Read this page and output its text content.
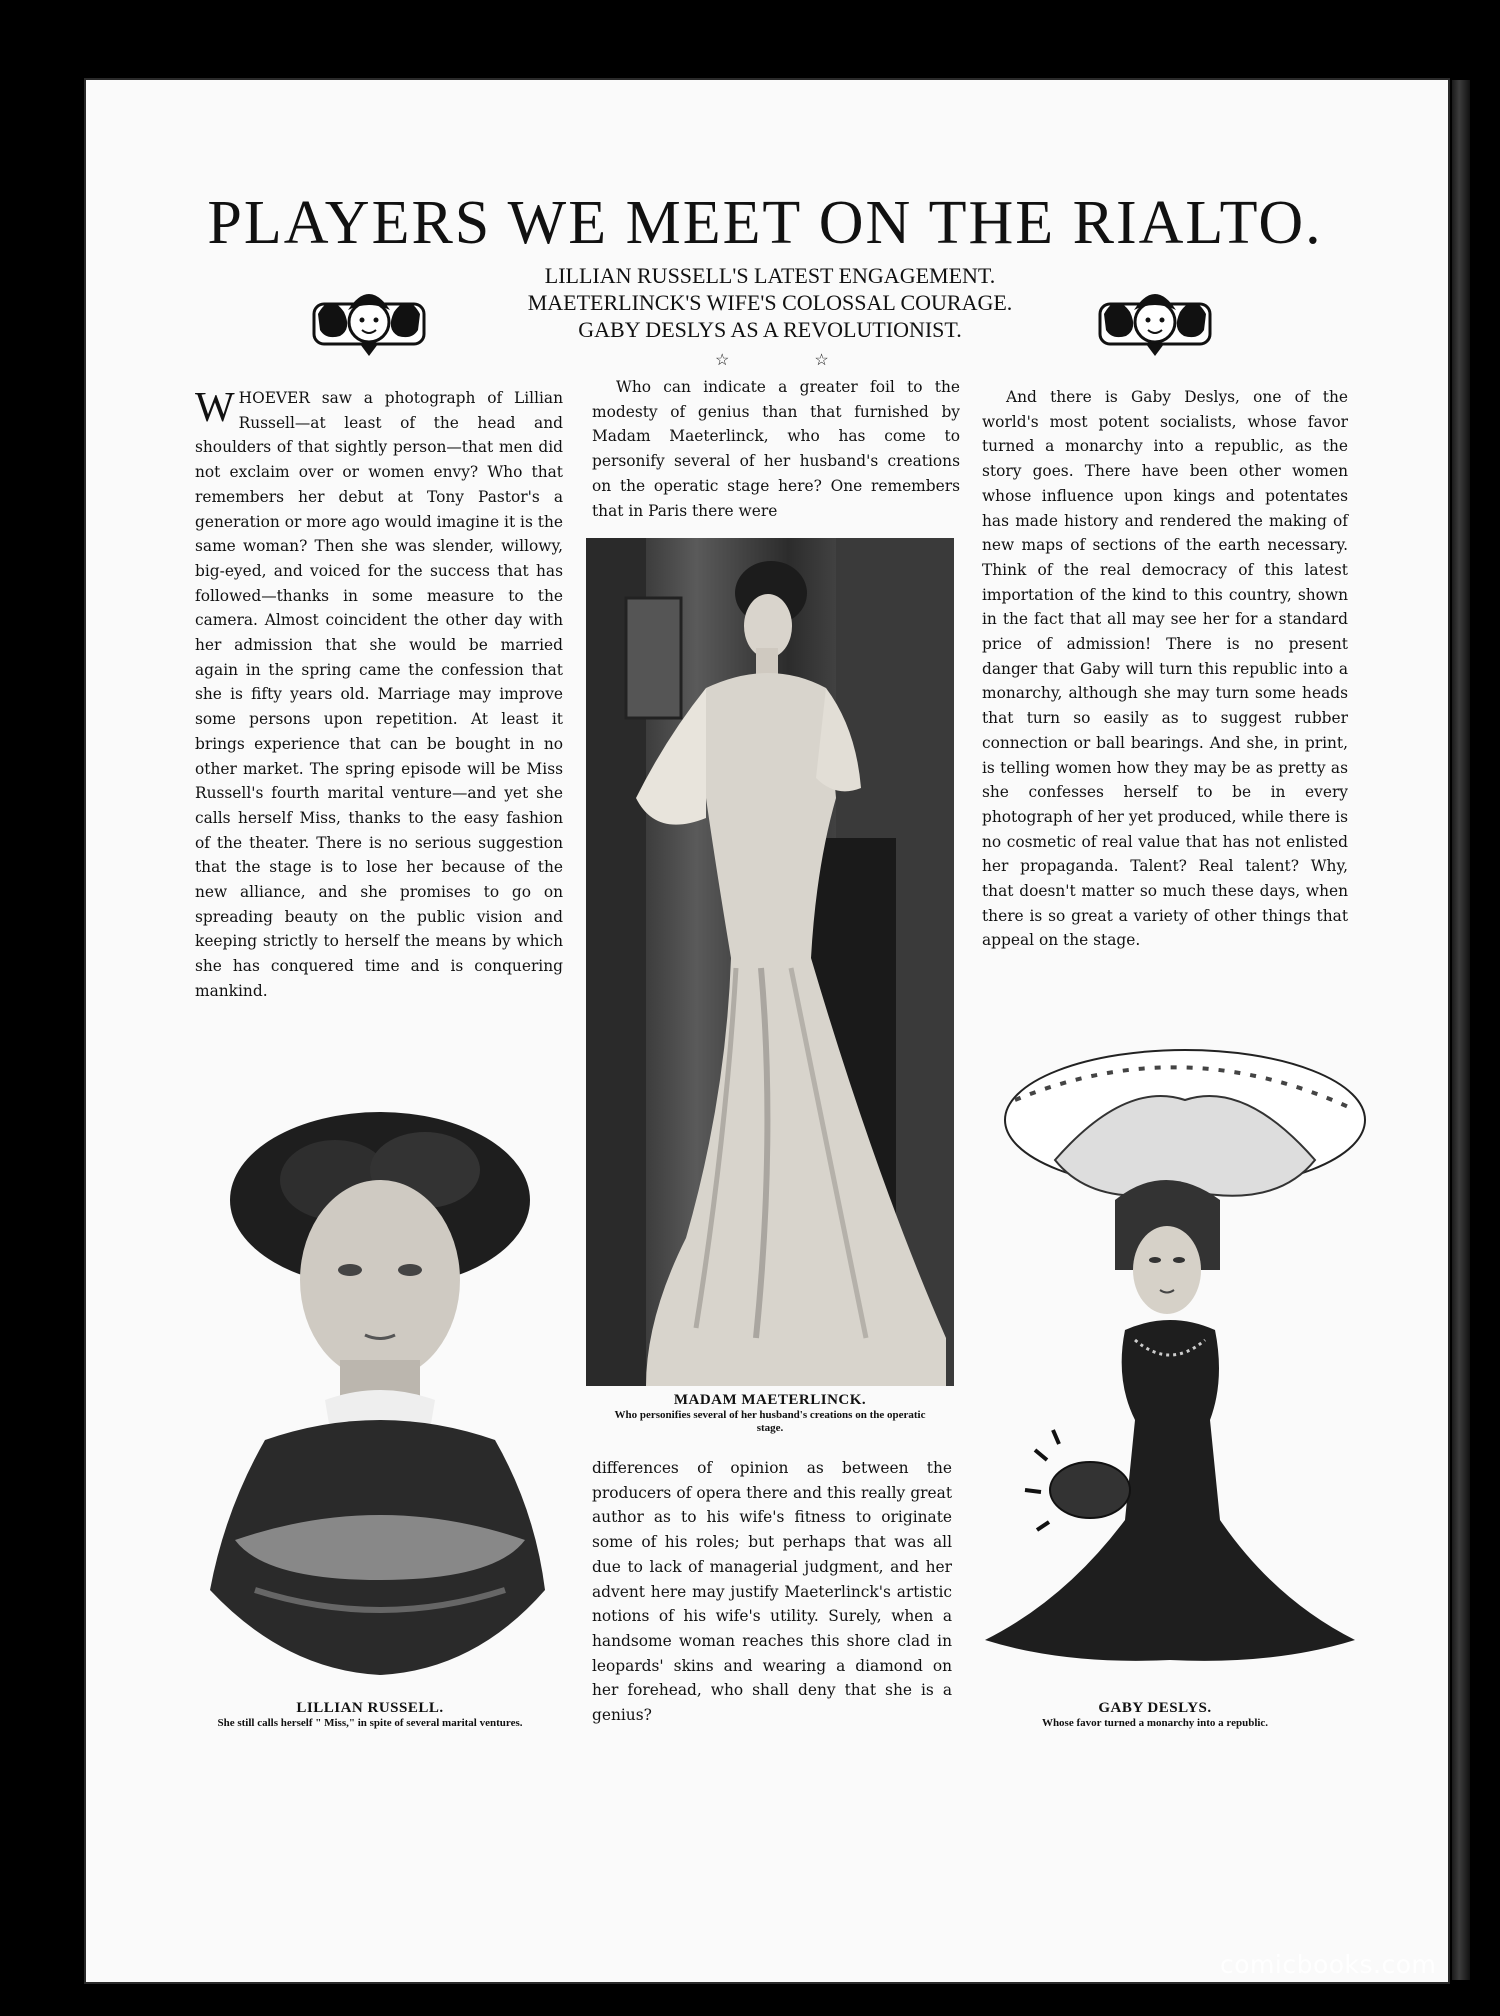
PLAYERS WE MEET ON THE RIALTO.
LILLIAN RUSSELL'S LATEST ENGAGEMENT.
MAETERLINCK'S WIFE'S COLOSSAL COURAGE.
GABY DESLYS AS A REVOLUTIONIST.
☆ ☆

WHOEVER saw a photograph of Lillian Russell—at least of the head and shoulders of that sightly person—that men did not exclaim over or women envy? Who that remembers her debut at Tony Pastor's a generation or more ago would imagine it is the same woman? Then she was slender, willowy, big-eyed, and voiced for the success that has followed—thanks in some measure to the camera. Almost coincident the other day with her admission that she would be married again in the spring came the confession that she is fifty years old. Marriage may improve some persons upon repetition. At least it brings experience that can be bought in no other market. The spring episode will be Miss Russell's fourth marital venture—and yet she calls herself Miss, thanks to the easy fashion of the theater. There is no serious suggestion that the stage is to lose her because of the new alliance, and she promises to go on spreading beauty on the public vision and keeping strictly to herself the means by which she has conquered time and is conquering mankind.

Who can indicate a greater foil to the modesty of genius than that furnished by Madam Maeterlinck, who has come to personify several of her husband's creations on the operatic stage here? One remembers that in Paris there were

MADAM MAETERLINCK.
Who personifies several of her husband's creations on the operatic stage.

differences of opinion as between the producers of opera there and this really great author as to his wife's fitness to originate some of his roles; but perhaps that was all due to lack of managerial judgment, and her advent here may justify Maeterlinck's artistic notions of his wife's utility. Surely, when a handsome woman reaches this shore clad in leopards' skins and wearing a diamond on her forehead, who shall deny that she is a genius?

And there is Gaby Deslys, one of the world's most potent socialists, whose favor turned a monarchy into a republic, as the story goes. There have been other women whose influence upon kings and potentates has made history and rendered the making of new maps of sections of the earth necessary. Think of the real democracy of this latest importation of the kind to this country, shown in the fact that all may see her for a standard price of admission! There is no present danger that Gaby will turn this republic into a monarchy, although she may turn some heads that turn so easily as to suggest rubber connection or ball bearings. And she, in print, is telling women how they may be as pretty as she confesses herself to be in every photograph of her yet produced, while there is no cosmetic of real value that has not enlisted her propaganda. Talent? Real talent? Why, that doesn't matter so much these days, when there is so great a variety of other things that appeal on the stage.

LILLIAN RUSSELL.
She still calls herself " Miss," in spite of several marital ventures.
GABY DESLYS.
Whose favor turned a monarchy into a republic.
comicbooks.com
